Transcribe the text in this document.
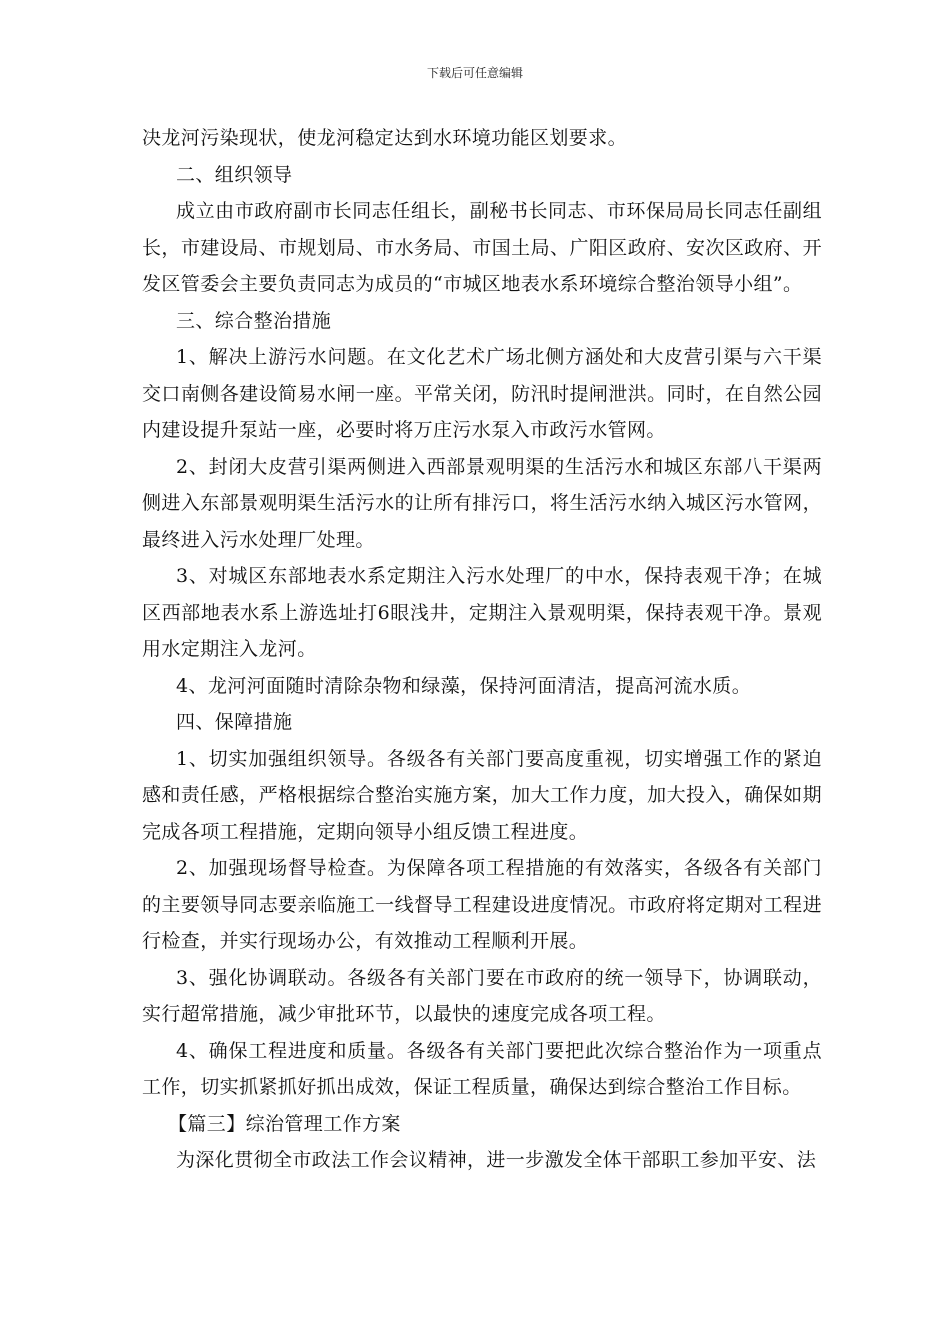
下载后可任意编辑

决龙河污染现状，使龙河稳定达到水环境功能区划要求。

二、组织领导

成立由市政府副市长同志任组长，副秘书长同志、市环保局局长同志任副组长，市建设局、市规划局、市水务局、市国土局、广阳区政府、安次区政府、开发区管委会主要负责同志为成员的“市城区地表水系环境综合整治领导小组”。

三、综合整治措施

1、解决上游污水问题。在文化艺术广场北侧方涵处和大皮营引渠与六干渠交口南侧各建设简易水闸一座。平常关闭，防汛时提闸泄洪。同时，在自然公园内建设提升泵站一座，必要时将万庄污水泵入市政污水管网。

2、封闭大皮营引渠两侧进入西部景观明渠的生活污水和城区东部八干渠两侧进入东部景观明渠生活污水的让所有排污口，将生活污水纳入城区污水管网，最终进入污水处理厂处理。

3、对城区东部地表水系定期注入污水处理厂的中水，保持表观干净；在城区西部地表水系上游选址打6眼浅井，定期注入景观明渠，保持表观干净。景观用水定期注入龙河。

4、龙河河面随时清除杂物和绿藻，保持河面清洁，提高河流水质。

四、保障措施

1、切实加强组织领导。各级各有关部门要高度重视，切实增强工作的紧迫感和责任感，严格根据综合整治实施方案，加大工作力度，加大投入，确保如期完成各项工程措施，定期向领导小组反馈工程进度。

2、加强现场督导检查。为保障各项工程措施的有效落实，各级各有关部门的主要领导同志要亲临施工一线督导工程建设进度情况。市政府将定期对工程进行检查，并实行现场办公，有效推动工程顺利开展。

3、强化协调联动。各级各有关部门要在市政府的统一领导下，协调联动，实行超常措施，减少审批环节，以最快的速度完成各项工程。

4、确保工程进度和质量。各级各有关部门要把此次综合整治作为一项重点工作，切实抓紧抓好抓出成效，保证工程质量，确保达到综合整治工作目标。

【篇三】综治管理工作方案

为深化贯彻全市政法工作会议精神，进一步激发全体干部职工参加平安、法
